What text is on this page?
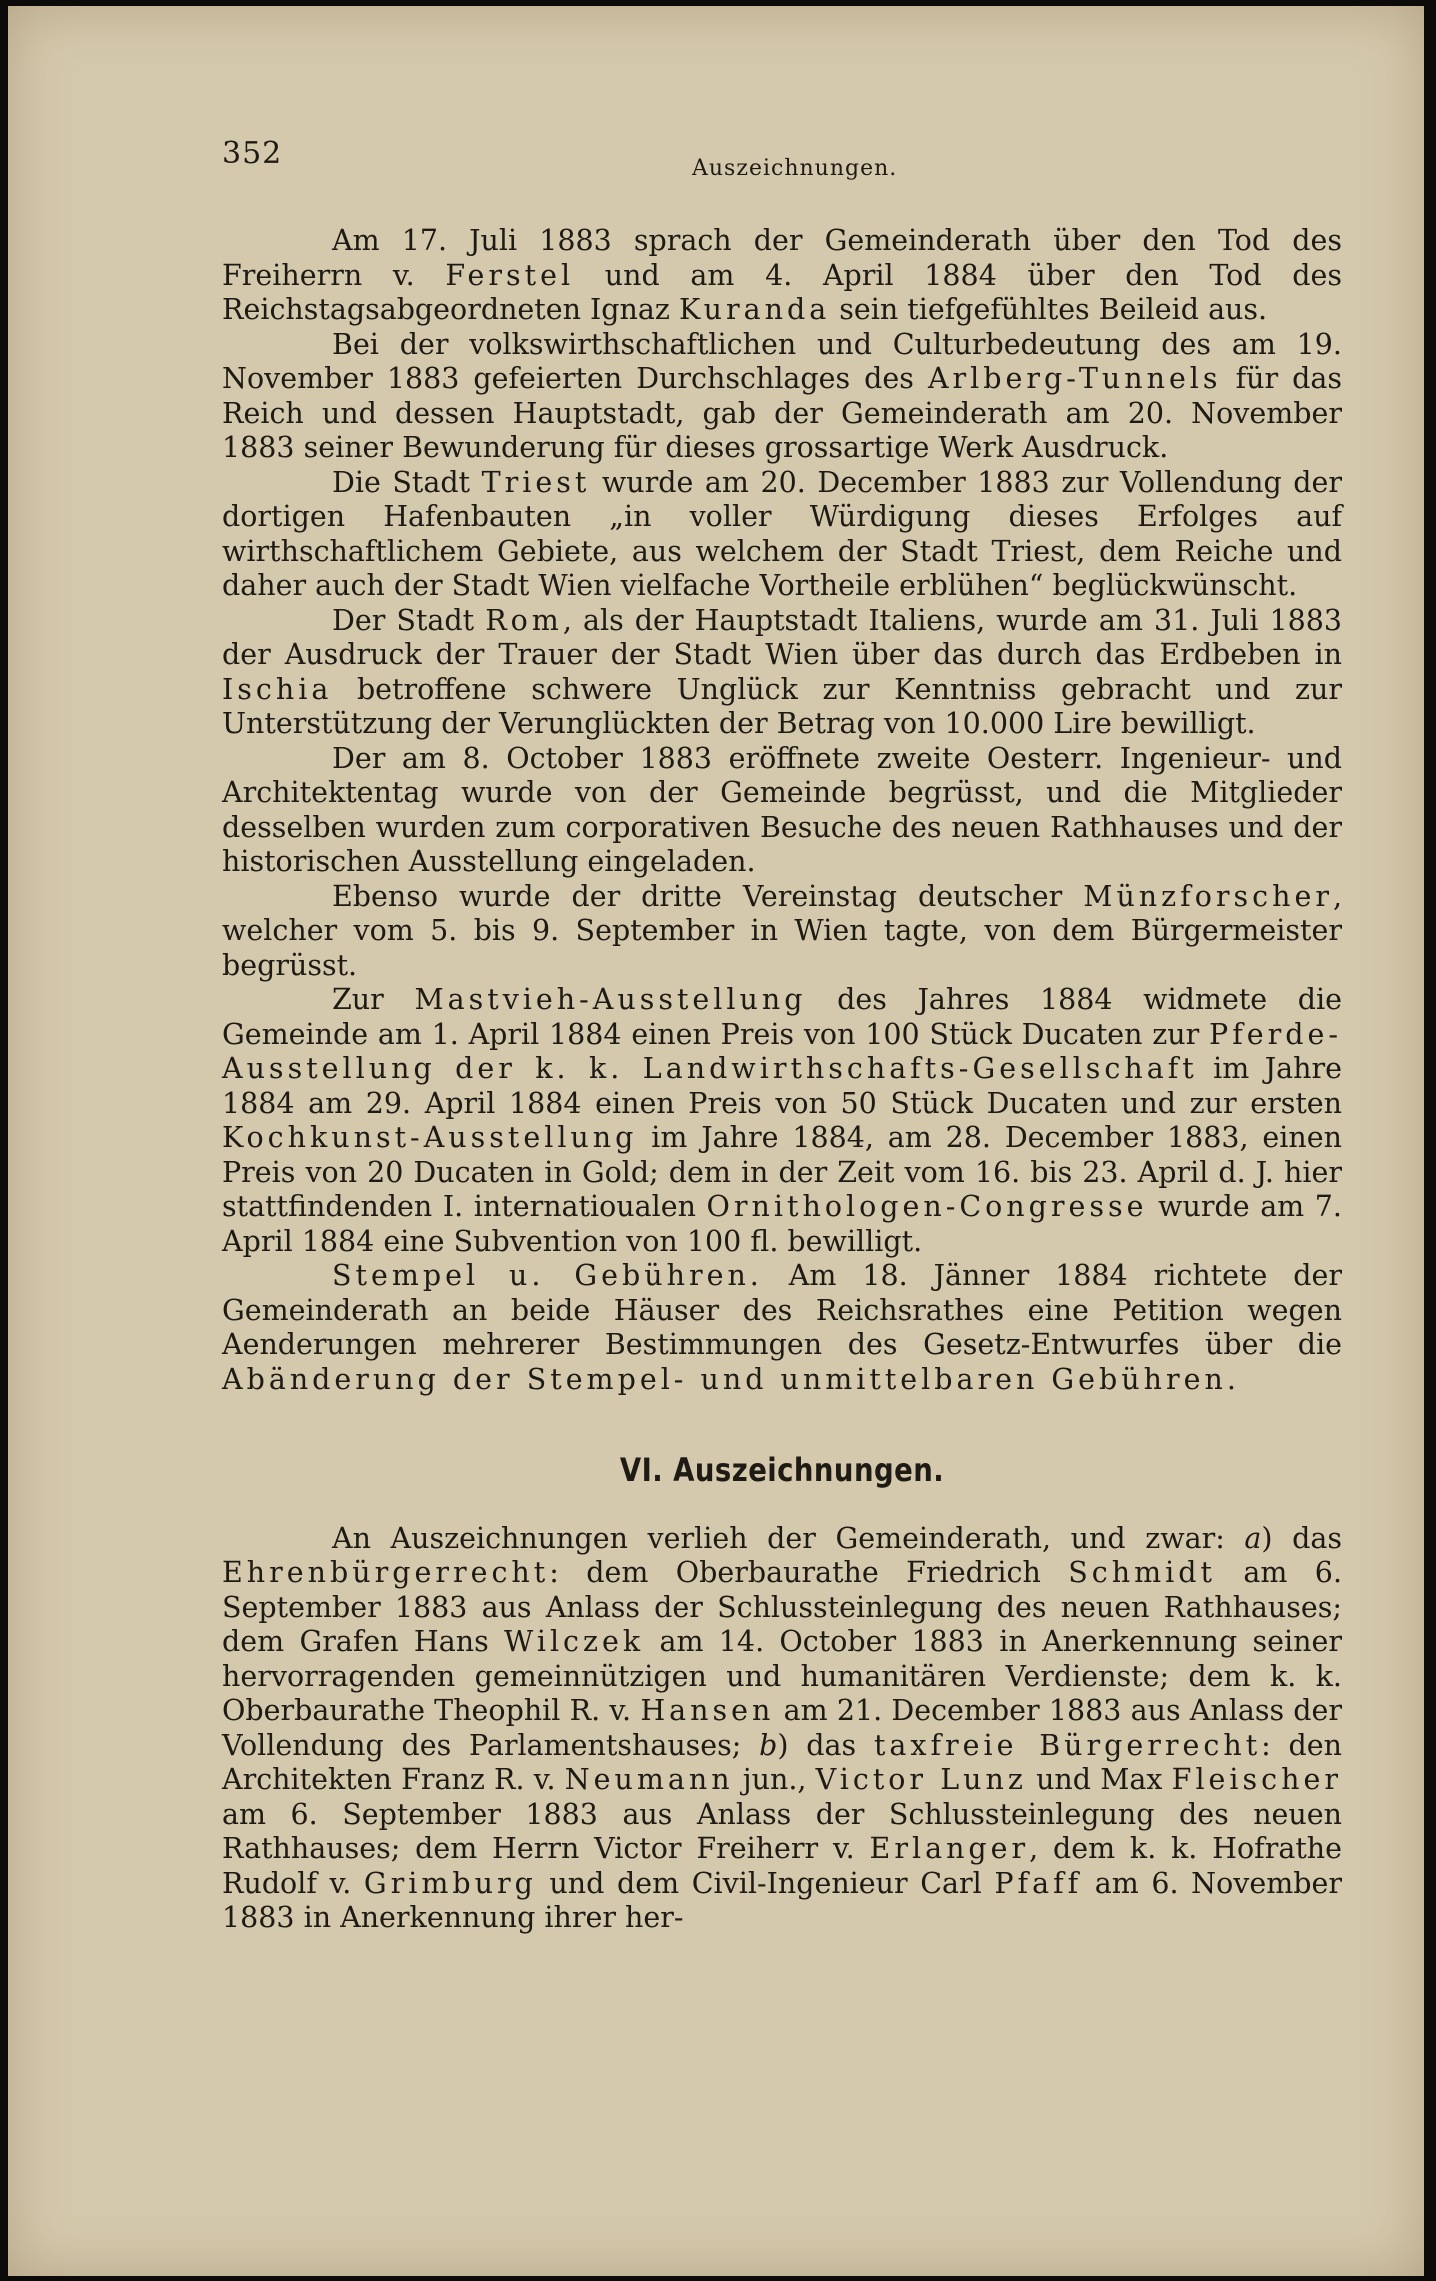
352	Auszeichnungen.

Am 17. Juli 1883 sprach der Gemeinderath über den Tod des Freiherrn v. Ferstel und am 4. April 1884 über den Tod des Reichstagsabgeordneten Ignaz Kuranda sein tiefgefühltes Beileid aus.

Bei der volkswirthschaftlichen und Culturbedeutung des am 19. November 1883 gefeierten Durchschlages des Arlberg-Tunnels für das Reich und dessen Hauptstadt, gab der Gemeinderath am 20. November 1883 seiner Bewunderung für dieses grossartige Werk Ausdruck.

Die Stadt Triest wurde am 20. December 1883 zur Vollendung der dortigen Hafenbauten „in voller Würdigung dieses Erfolges auf wirthschaftlichem Gebiete, aus welchem der Stadt Triest, dem Reiche und daher auch der Stadt Wien vielfache Vortheile erblühen“ beglückwünscht.

Der Stadt Rom, als der Hauptstadt Italiens, wurde am 31. Juli 1883 der Ausdruck der Trauer der Stadt Wien über das durch das Erdbeben in Ischia betroffene schwere Unglück zur Kenntniss gebracht und zur Unterstützung der Verunglückten der Betrag von 10.000 Lire bewilligt.

Der am 8. October 1883 eröffnete zweite Oesterr. Ingenieur- und Architektentag wurde von der Gemeinde begrüsst, und die Mitglieder desselben wurden zum corporativen Besuche des neuen Rathhauses und der historischen Ausstellung eingeladen.

Ebenso wurde der dritte Vereinstag deutscher Münzforscher, welcher vom 5. bis 9. September in Wien tagte, von dem Bürgermeister begrüsst.

Zur Mastvieh-Ausstellung des Jahres 1884 widmete die Gemeinde am 1. April 1884 einen Preis von 100 Stück Ducaten zur Pferde-Ausstellung der k. k. Landwirthschafts-Gesellschaft im Jahre 1884 am 29. April 1884 einen Preis von 50 Stück Ducaten und zur ersten Kochkunst-Ausstellung im Jahre 1884, am 28. December 1883, einen Preis von 20 Ducaten in Gold; dem in der Zeit vom 16. bis 23. April d. J. hier stattfindenden I. internatioualen Ornithologen-Congresse wurde am 7. April 1884 eine Subvention von 100 fl. bewilligt.

Stempel u. Gebühren. Am 18. Jänner 1884 richtete der Gemeinderath an beide Häuser des Reichsrathes eine Petition wegen Aenderungen mehrerer Bestimmungen des Gesetz-Entwurfes über die Abänderung der Stempel- und unmittelbaren Gebühren.

VI. Auszeichnungen.

An Auszeichnungen verlieh der Gemeinderath, und zwar: a) das Ehrenbürgerrecht: dem Oberbaurathe Friedrich Schmidt am 6. September 1883 aus Anlass der Schlussteinlegung des neuen Rathhauses; dem Grafen Hans Wilczek am 14. October 1883 in Anerkennung seiner hervorragenden gemeinnützigen und humanitären Verdienste; dem k. k. Oberbaurathe Theophil R. v. Hansen am 21. December 1883 aus Anlass der Vollendung des Parlamentshauses; b) das taxfreie Bürgerrecht: den Architekten Franz R. v. Neumann jun., Victor Lunz und Max Fleischer am 6. September 1883 aus Anlass der Schlussteinlegung des neuen Rathhauses; dem Herrn Victor Freiherr v. Erlanger, dem k. k. Hofrathe Rudolf v. Grimburg und dem Civil-Ingenieur Carl Pfaff am 6. November 1883 in Anerkennung ihrer her-
